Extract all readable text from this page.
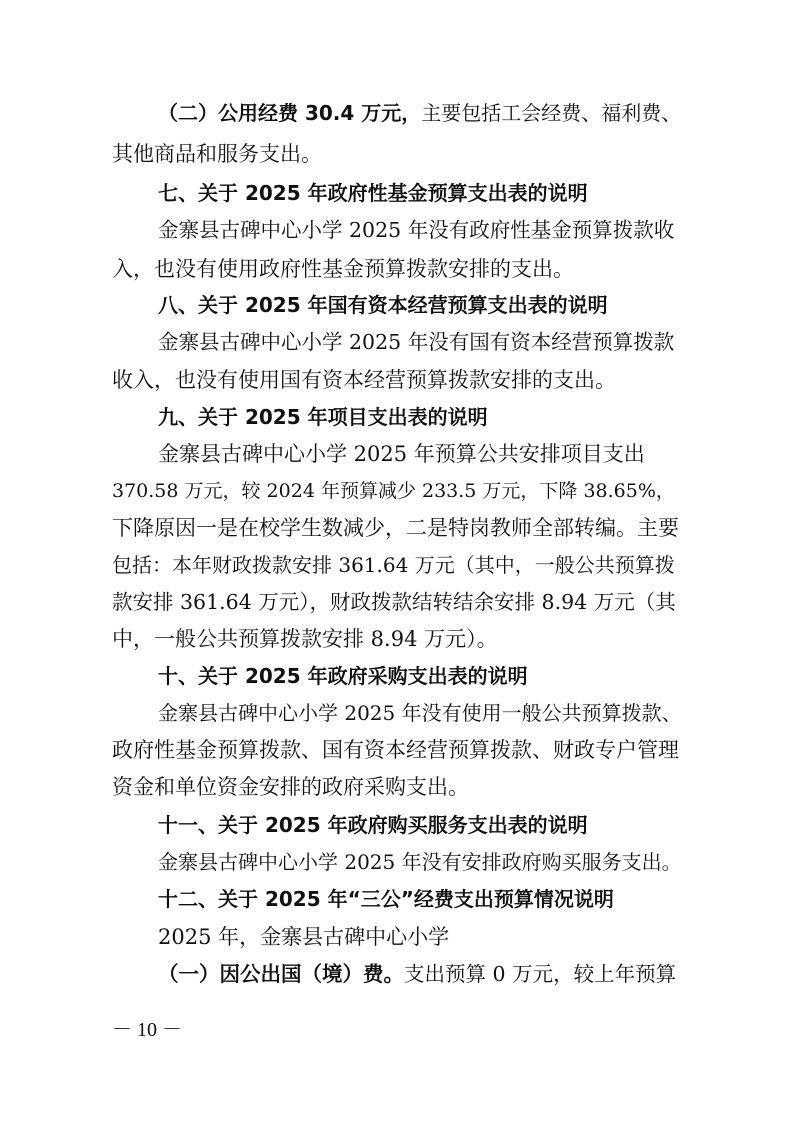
（二）公用经费 30.4 万元，主要包括工会经费、福利费、
其他商品和服务支出。
七、关于 2025 年政府性基金预算支出表的说明
金寨县古碑中心小学 2025 年没有政府性基金预算拨款收
入，也没有使用政府性基金预算拨款安排的支出。
八、关于 2025 年国有资本经营预算支出表的说明
金寨县古碑中心小学 2025 年没有国有资本经营预算拨款
收入，也没有使用国有资本经营预算拨款安排的支出。
九、关于 2025 年项目支出表的说明
金寨县古碑中心小学 2025 年预算公共安排项目支出
370.58 万元，较 2024 年预算减少 233.5 万元，下降 38.65%，
下降原因一是在校学生数减少，二是特岗教师全部转编。主要
包括：本年财政拨款安排 361.64 万元（其中，一般公共预算拨
款安排 361.64 万元），财政拨款结转结余安排 8.94 万元（其
中，一般公共预算拨款安排 8.94 万元）。
十、关于 2025 年政府采购支出表的说明
金寨县古碑中心小学 2025 年没有使用一般公共预算拨款、
政府性基金预算拨款、国有资本经营预算拨款、财政专户管理
资金和单位资金安排的政府采购支出。
十一、关于 2025 年政府购买服务支出表的说明
金寨县古碑中心小学 2025 年没有安排政府购买服务支出。
十二、关于 2025 年“三公”经费支出预算情况说明
2025 年，金寨县古碑中心小学
（一）因公出国（境）费。支出预算 0 万元，较上年预算
－ 10 －
